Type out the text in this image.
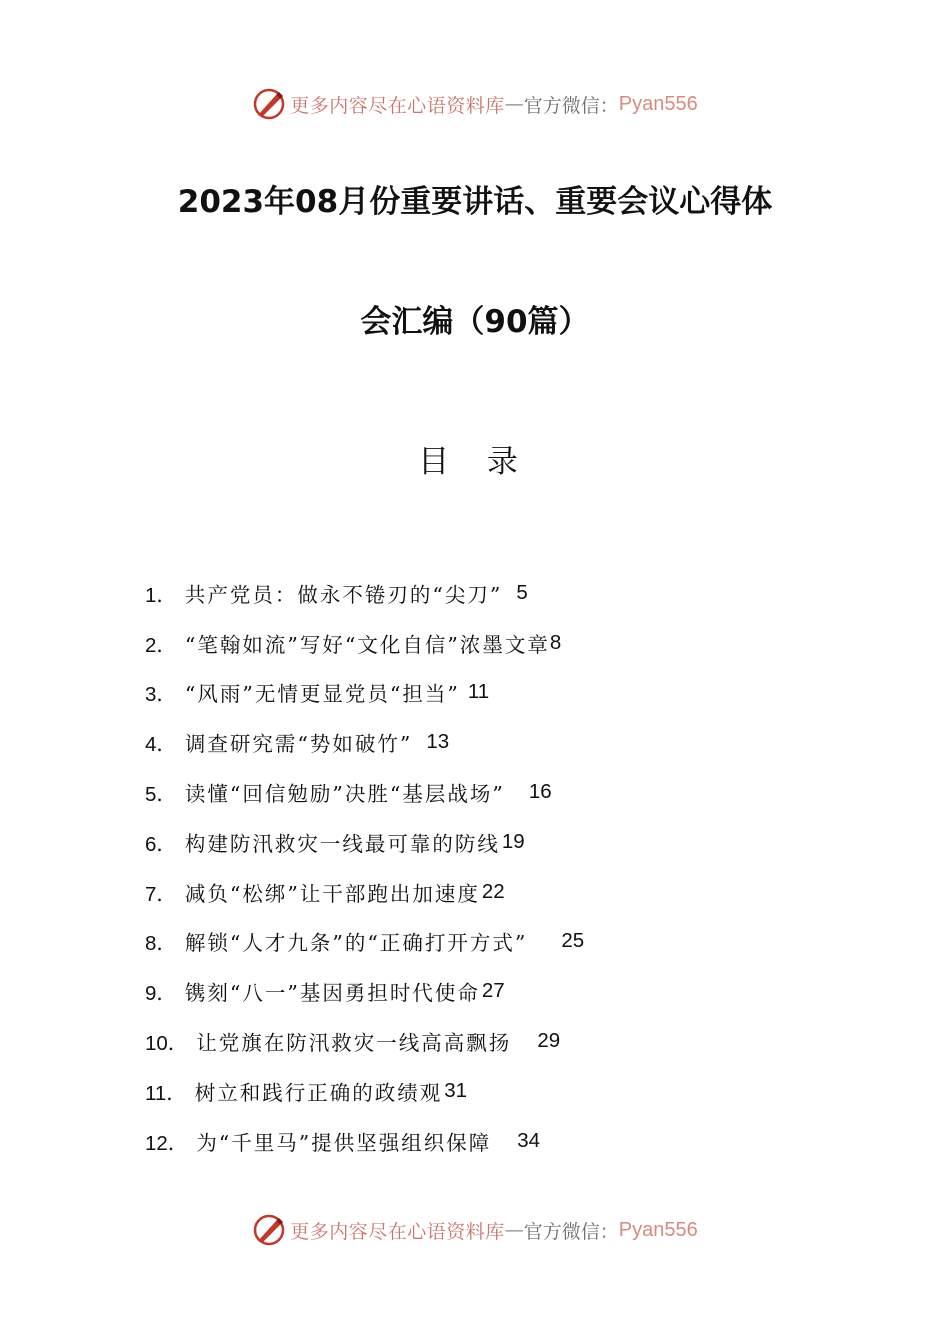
更多内容尽在心语资料库 — 官方微信： Pyan556
2023年08月份重要讲话、重要会议心得体
会汇编（90篇）
目 录
1． 共产党员：做永不锩刃的“尖刀” 5
2． “笔翰如流”写好“文化自信”浓墨文章 8
3． “风雨”无情更显党员“担当” 11
4． 调查研究需“势如破竹” 13
5． 读懂“回信勉励”决胜“基层战场” 16
6． 构建防汛救灾一线最可靠的防线 19
7． 减负“松绑”让干部跑出加速度 22
8． 解锁“人才九条”的“正确打开方式” 25
9． 镌刻“八一”基因勇担时代使命 27
10． 让党旗在防汛救灾一线高高飘扬 29
11． 树立和践行正确的政绩观 31
12． 为“千里马”提供坚强组织保障 34
更多内容尽在心语资料库 — 官方微信： Pyan556
